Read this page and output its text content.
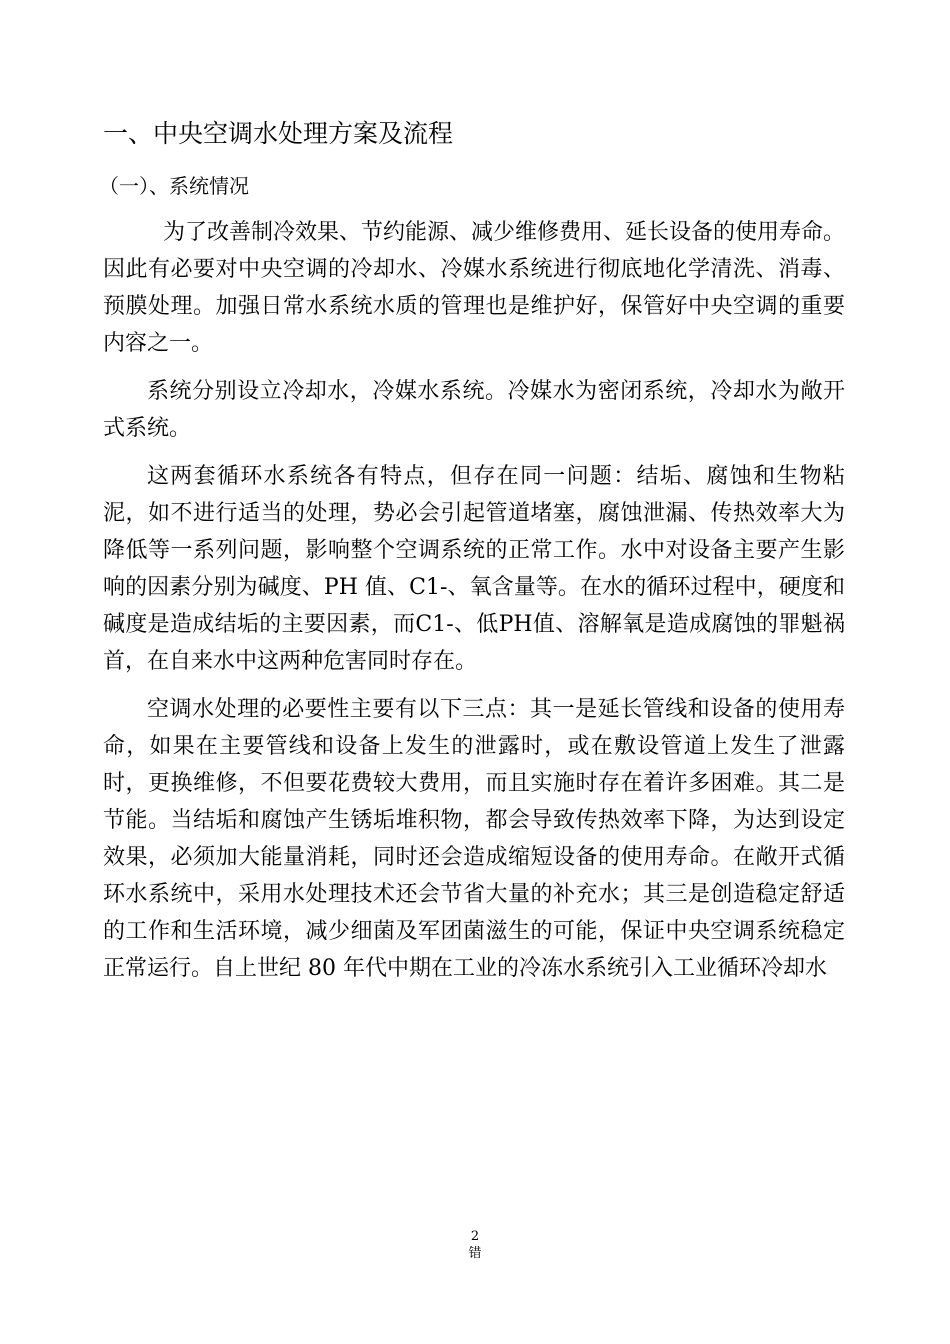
一、中央空调水处理方案及流程
（一）、系统情况

为了改善制冷效果、节约能源、减少维修费用、延长设备的使用寿命。因此有必要对中央空调的冷却水、冷媒水系统进行彻底地化学清洗、消毒、预膜处理。加强日常水系统水质的管理也是维护好，保管好中央空调的重要内容之一。

系统分别设立冷却水，冷媒水系统。冷媒水为密闭系统，冷却水为敞开式系统。

这两套循环水系统各有特点，但存在同一问题：结垢、腐蚀和生物粘泥，如不进行适当的处理，势必会引起管道堵塞，腐蚀泄漏、传热效率大为降低等一系列问题，影响整个空调系统的正常工作。水中对设备主要产生影响的因素分别为碱度、PH 值、C1-、氧含量等。在水的循环过程中，硬度和碱度是造成结垢的主要因素，而C1-、低PH值、溶解氧是造成腐蚀的罪魁祸首，在自来水中这两种危害同时存在。

空调水处理的必要性主要有以下三点：其一是延长管线和设备的使用寿命，如果在主要管线和设备上发生的泄露时，或在敷设管道上发生了泄露时，更换维修，不但要花费较大费用，而且实施时存在着许多困难。其二是节能。当结垢和腐蚀产生锈垢堆积物，都会导致传热效率下降，为达到设定效果，必须加大能量消耗，同时还会造成缩短设备的使用寿命。在敞开式循环水系统中，采用水处理技术还会节省大量的补充水；其三是创造稳定舒适的工作和生活环境，减少细菌及军团菌滋生的可能，保证中央空调系统稳定正常运行。自上世纪 80 年代中期在工业的冷冻水系统引入工业循环冷却水

2
错
